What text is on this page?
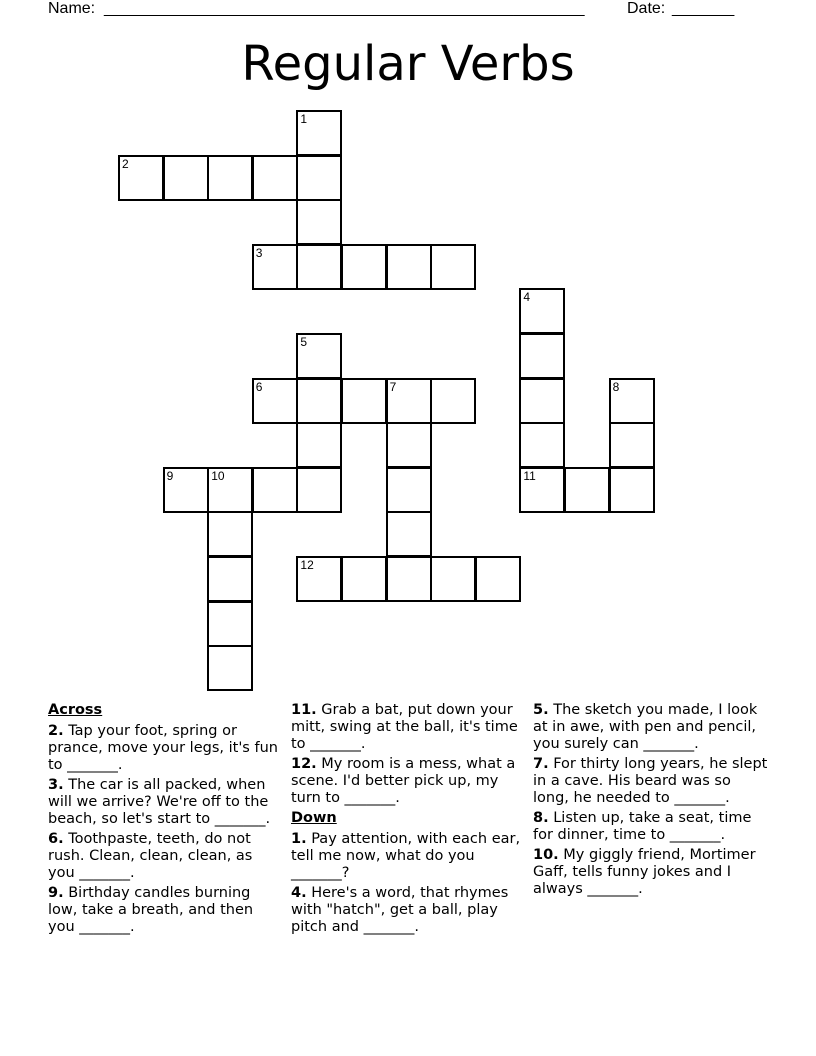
Name: ______________________________________________________	Date: _______
Regular Verbs
1
2
3
4
5
6	7	8
9	10	11
12
Across
2. Tap your foot, spring or prance, move your legs, it's fun to _______.
3. The car is all packed, when will we arrive? We're off to the beach, so let's start to _______.
6. Toothpaste, teeth, do not rush. Clean, clean, clean, as you _______.
9. Birthday candles burning low, take a breath, and then you _______.
11. Grab a bat, put down your mitt, swing at the ball, it's time to _______.
12. My room is a mess, what a scene. I'd better pick up, my turn to _______.
Down
1. Pay attention, with each ear, tell me now, what do you _______?
4. Here's a word, that rhymes with "hatch", get a ball, play pitch and _______.
5. The sketch you made, I look at in awe, with pen and pencil, you surely can _______.
7. For thirty long years, he slept in a cave. His beard was so long, he needed to _______.
8. Listen up, take a seat, time for dinner, time to _______.
10. My giggly friend, Mortimer Gaff, tells funny jokes and I always _______.
